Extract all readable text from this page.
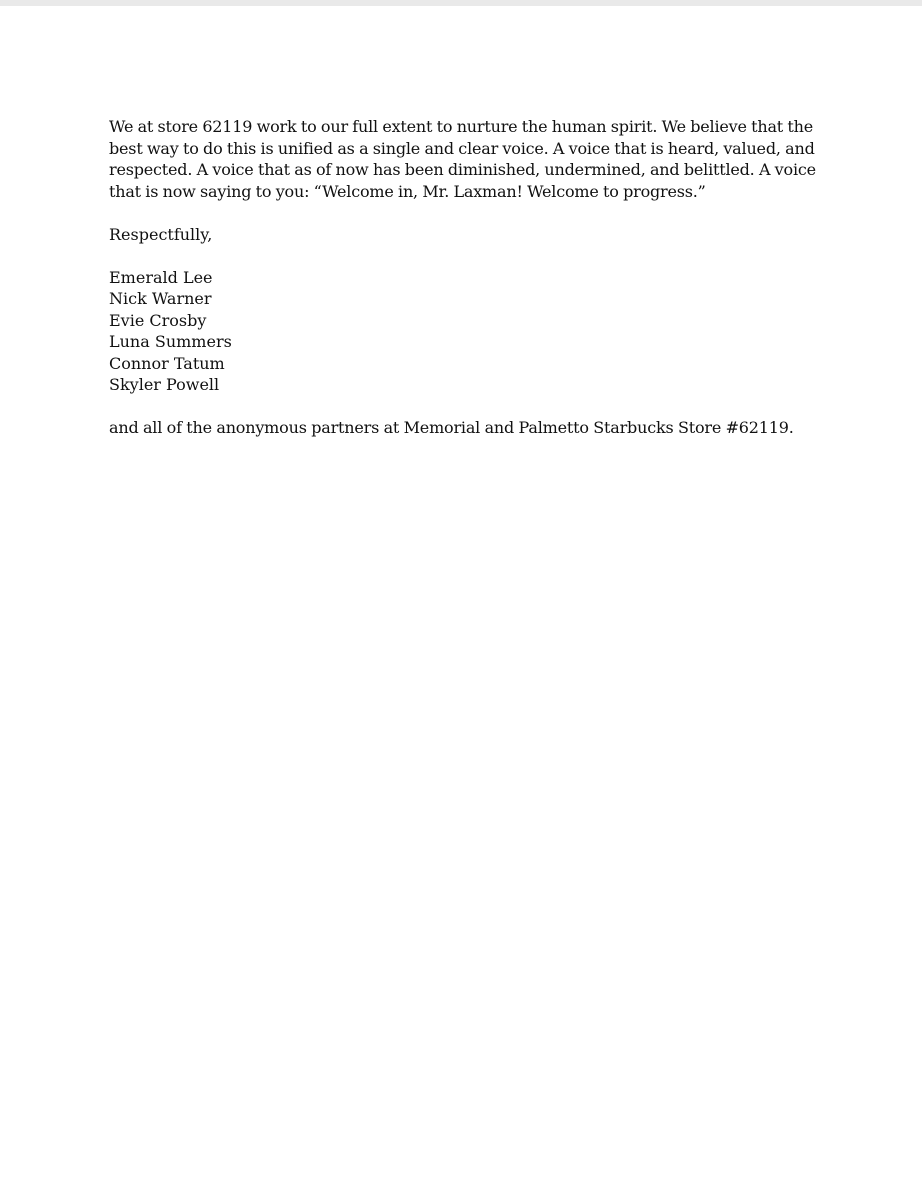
We at store 62119 work to our full extent to nurture the human spirit. We believe that the best way to do this is unified as a single and clear voice. A voice that is heard, valued, and respected. A voice that as of now has been diminished, undermined, and belittled. A voice that is now saying to you: “Welcome in, Mr. Laxman! Welcome to progress.”

Respectfully,

Emerald Lee
Nick Warner
Evie Crosby
Luna Summers
Connor Tatum
Skyler Powell

and all of the anonymous partners at Memorial and Palmetto Starbucks Store #62119.
